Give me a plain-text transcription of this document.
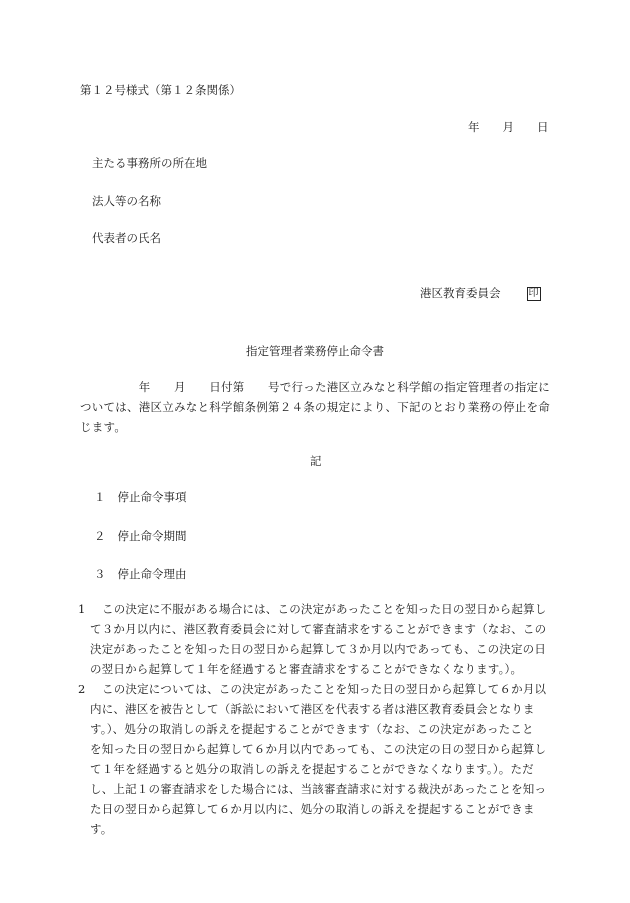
第１２号様式（第１２条関係）
年　　月　　日
主たる事務所の所在地
法人等の名称
代表者の氏名
港区教育委員会	印
指定管理者業務停止命令書
　　　　　年　　月　　日付第　　号で行った港区立みなと科学館の指定管理者の指定に
ついては、港区立みなと科学館条例第２４条の規定により、下記のとおり業務の停止を命
じます。
記
１ 停止命令事項
２ 停止命令期間
３ 停止命令理由
1	この決定に不服がある場合には、この決定があったことを知った日の翌日から起算し
て３か月以内に、港区教育委員会に対して審査請求をすることができます（なお、この
決定があったことを知った日の翌日から起算して３か月以内であっても、この決定の日
の翌日から起算して１年を経過すると審査請求をすることができなくなります。）。
2	この決定については、この決定があったことを知った日の翌日から起算して６か月以
内に、港区を被告として（訴訟において港区を代表する者は港区教育委員会となりま
す。）、処分の取消しの訴えを提起することができます（なお、この決定があったこと
を知った日の翌日から起算して６か月以内であっても、この決定の日の翌日から起算し
て１年を経過すると処分の取消しの訴えを提起することができなくなります。）。ただ
し、上記１の審査請求をした場合には、当該審査請求に対する裁決があったことを知っ
た日の翌日から起算して６か月以内に、処分の取消しの訴えを提起することができま
す。
